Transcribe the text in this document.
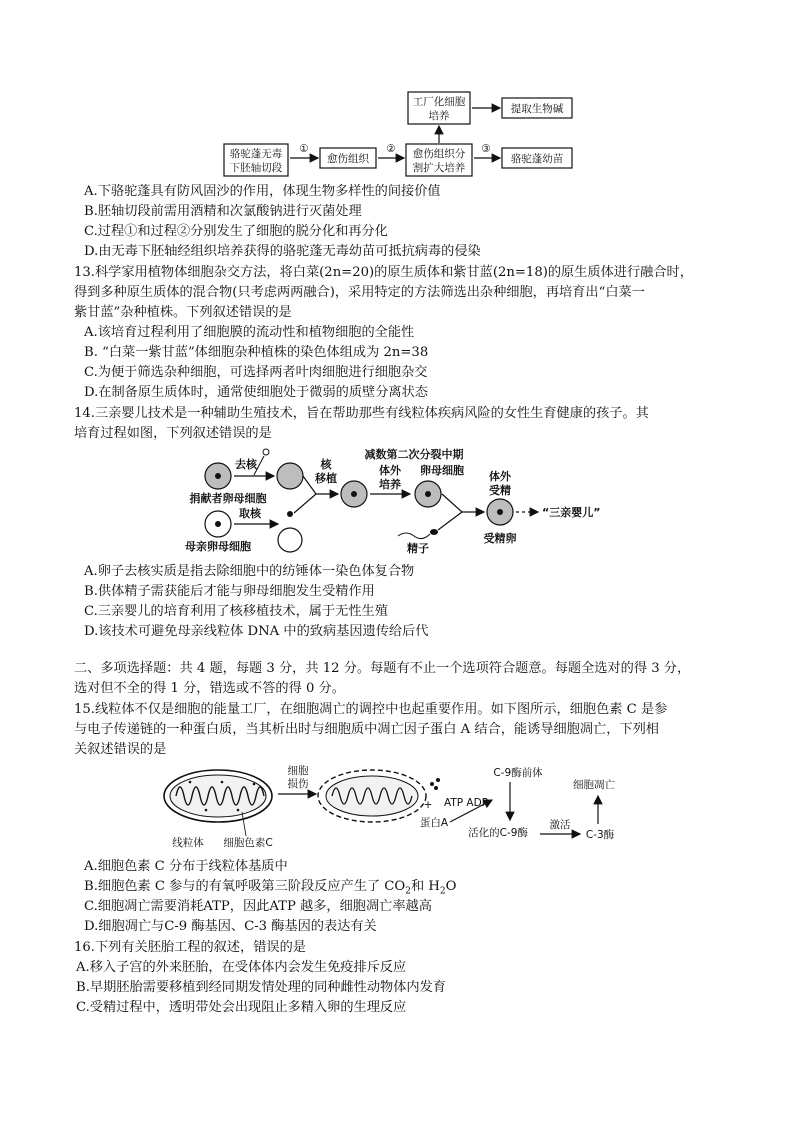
骆驼蓬无毒
下胚轴切段
①
愈伤组织
② 愈伤组织分
割扩大培养
工厂化细胞
培养
提取生物碱
③
骆驼蓬幼苗
A.下骆驼蓬具有防风固沙的作用，体现生物多样性的间接价值
B.胚轴切段前需用酒精和次氯酸钠进行灭菌处理
C.过程①和过程②分别发生了细胞的脱分化和再分化
D.由无毒下胚轴经组织培养获得的骆驼蓬无毒幼苗可抵抗病毒的侵染
13.科学家用植物体细胞杂交方法，将白菜(2n=20)的原生质体和紫甘蓝(2n=18)的原生质体进行融合时，
得到多种原生质体的混合物(只考虑两两融合)，采用特定的方法筛选出杂种细胞，再培育出“白菜一
紫甘蓝”杂种植株。下列叙述错误的是
A.该培育过程利用了细胞膜的流动性和植物细胞的全能性
B. “白菜一紫甘蓝”体细胞杂种植株的染色体组成为 2n=38
C.为便于筛选杂种细胞，可选择两者叶肉细胞进行细胞杂交
D.在制备原生质体时，通常使细胞处于微弱的质壁分离状态
14.三亲婴儿技术是一种辅助生殖技术，旨在帮助那些有线粒体疾病风险的女性生育健康的孩子。其
培育过程如图，下列叙述错误的是
去核
捐献者卵母细胞
取核
母亲卵母细胞
核
移植
减数第二次分裂中期
体外
培养
卵母细胞
精子
体外
受精
受精卵
“三亲婴儿”
A.卵子去核实质是指去除细胞中的纺锤体一染色体复合物
B.供体精子需获能后才能与卵母细胞发生受精作用
C.三亲婴儿的培育利用了核移植技术，属于无性生殖
D.该技术可避免母亲线粒体 DNA 中的致病基因遗传给后代
二、多项选择题：共 4 题，每题 3 分，共 12 分。每题有不止一个选项符合题意。每题全选对的得 3 分，
选对但不全的得 1 分，错选或不答的得 0 分。
15.线粒体不仅是细胞的能量工厂，在细胞凋亡的调控中也起重要作用。如下图所示，细胞色素 C 是参
与电子传递链的一种蛋白质，当其析出时与细胞质中凋亡因子蛋白 A 结合，能诱导细胞凋亡，下列相
关叙述错误的是
线粒体 细胞色素C
细胞
损伤
+
蛋白A
ATP ADP
C-9酶前体
活化的C-9酶
激活
C-3酶
细胞凋亡
A.细胞色素 C 分布于线粒体基质中
B.细胞色素 C 参与的有氧呼吸第三阶段反应产生了 $CO_2$和 $H_2O$
C.细胞凋亡需要消耗ATP，因此ATP 越多，细胞凋亡率越高
D.细胞凋亡与C-9 酶基因、C-3 酶基因的表达有关
16.下列有关胚胎工程的叙述，错误的是
A.移入子宫的外来胚胎，在受体体内会发生免疫排斥反应
B.早期胚胎需要移植到经同期发情处理的同种雌性动物体内发育
C.受精过程中，透明带处会出现阻止多精入卵的生理反应
